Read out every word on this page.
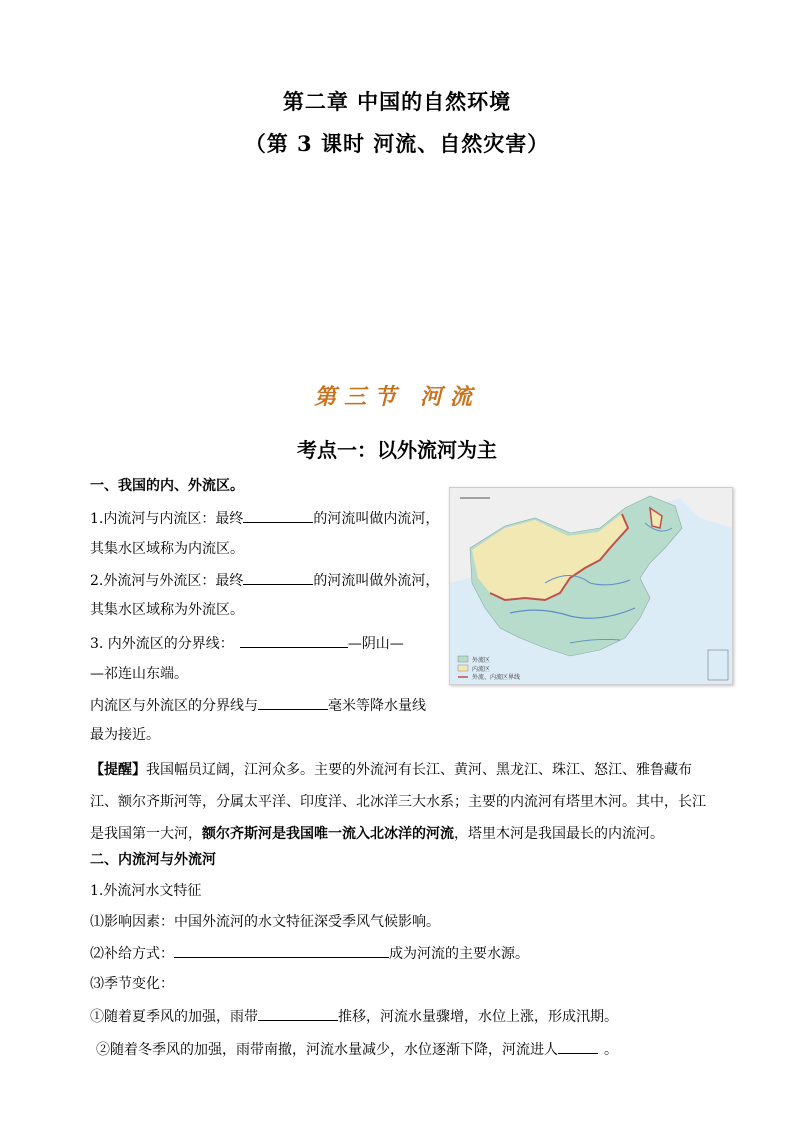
第二章 中国的自然环境
（第 3 课时 河流、自然灾害）
第三节 河流
考点一：以外流河为主
一、我国的内、外流区。
1.内流河与内流区：最终	的河流叫做内流河，
其集水区域称为内流区。
2.外流河与外流区：最终	的河流叫做外流河，
其集水区域称为外流区。
3. 内外流区的分界线：	—阴山—
—祁连山东端。
内流区与外流区的分界线与	毫米等降水量线
最为接近。
外流区
内流区
外流、内流区界线
【提醒】我国幅员辽阔，江河众多。主要的外流河有长江、黄河、黑龙江、珠江、怒江、雅鲁藏布江、额尔齐斯河等，分属太平洋、印度洋、北冰洋三大水系；主要的内流河有塔里木河。其中，长江是我国第一大河，额尔齐斯河是我国唯一流入北冰洋的河流，塔里木河是我国最长的内流河。
二、内流河与外流河
1.外流河水文特征
⑴影响因素：中国外流河的水文特征深受季风气候影响。
⑵补给方式：	成为河流的主要水源。
⑶季节变化：
①随着夏季风的加强，雨带	推移，河流水量骤增，水位上涨，形成汛期。
②随着冬季风的加强，雨带南撤，河流水量减少，水位逐渐下降，河流进人	。
